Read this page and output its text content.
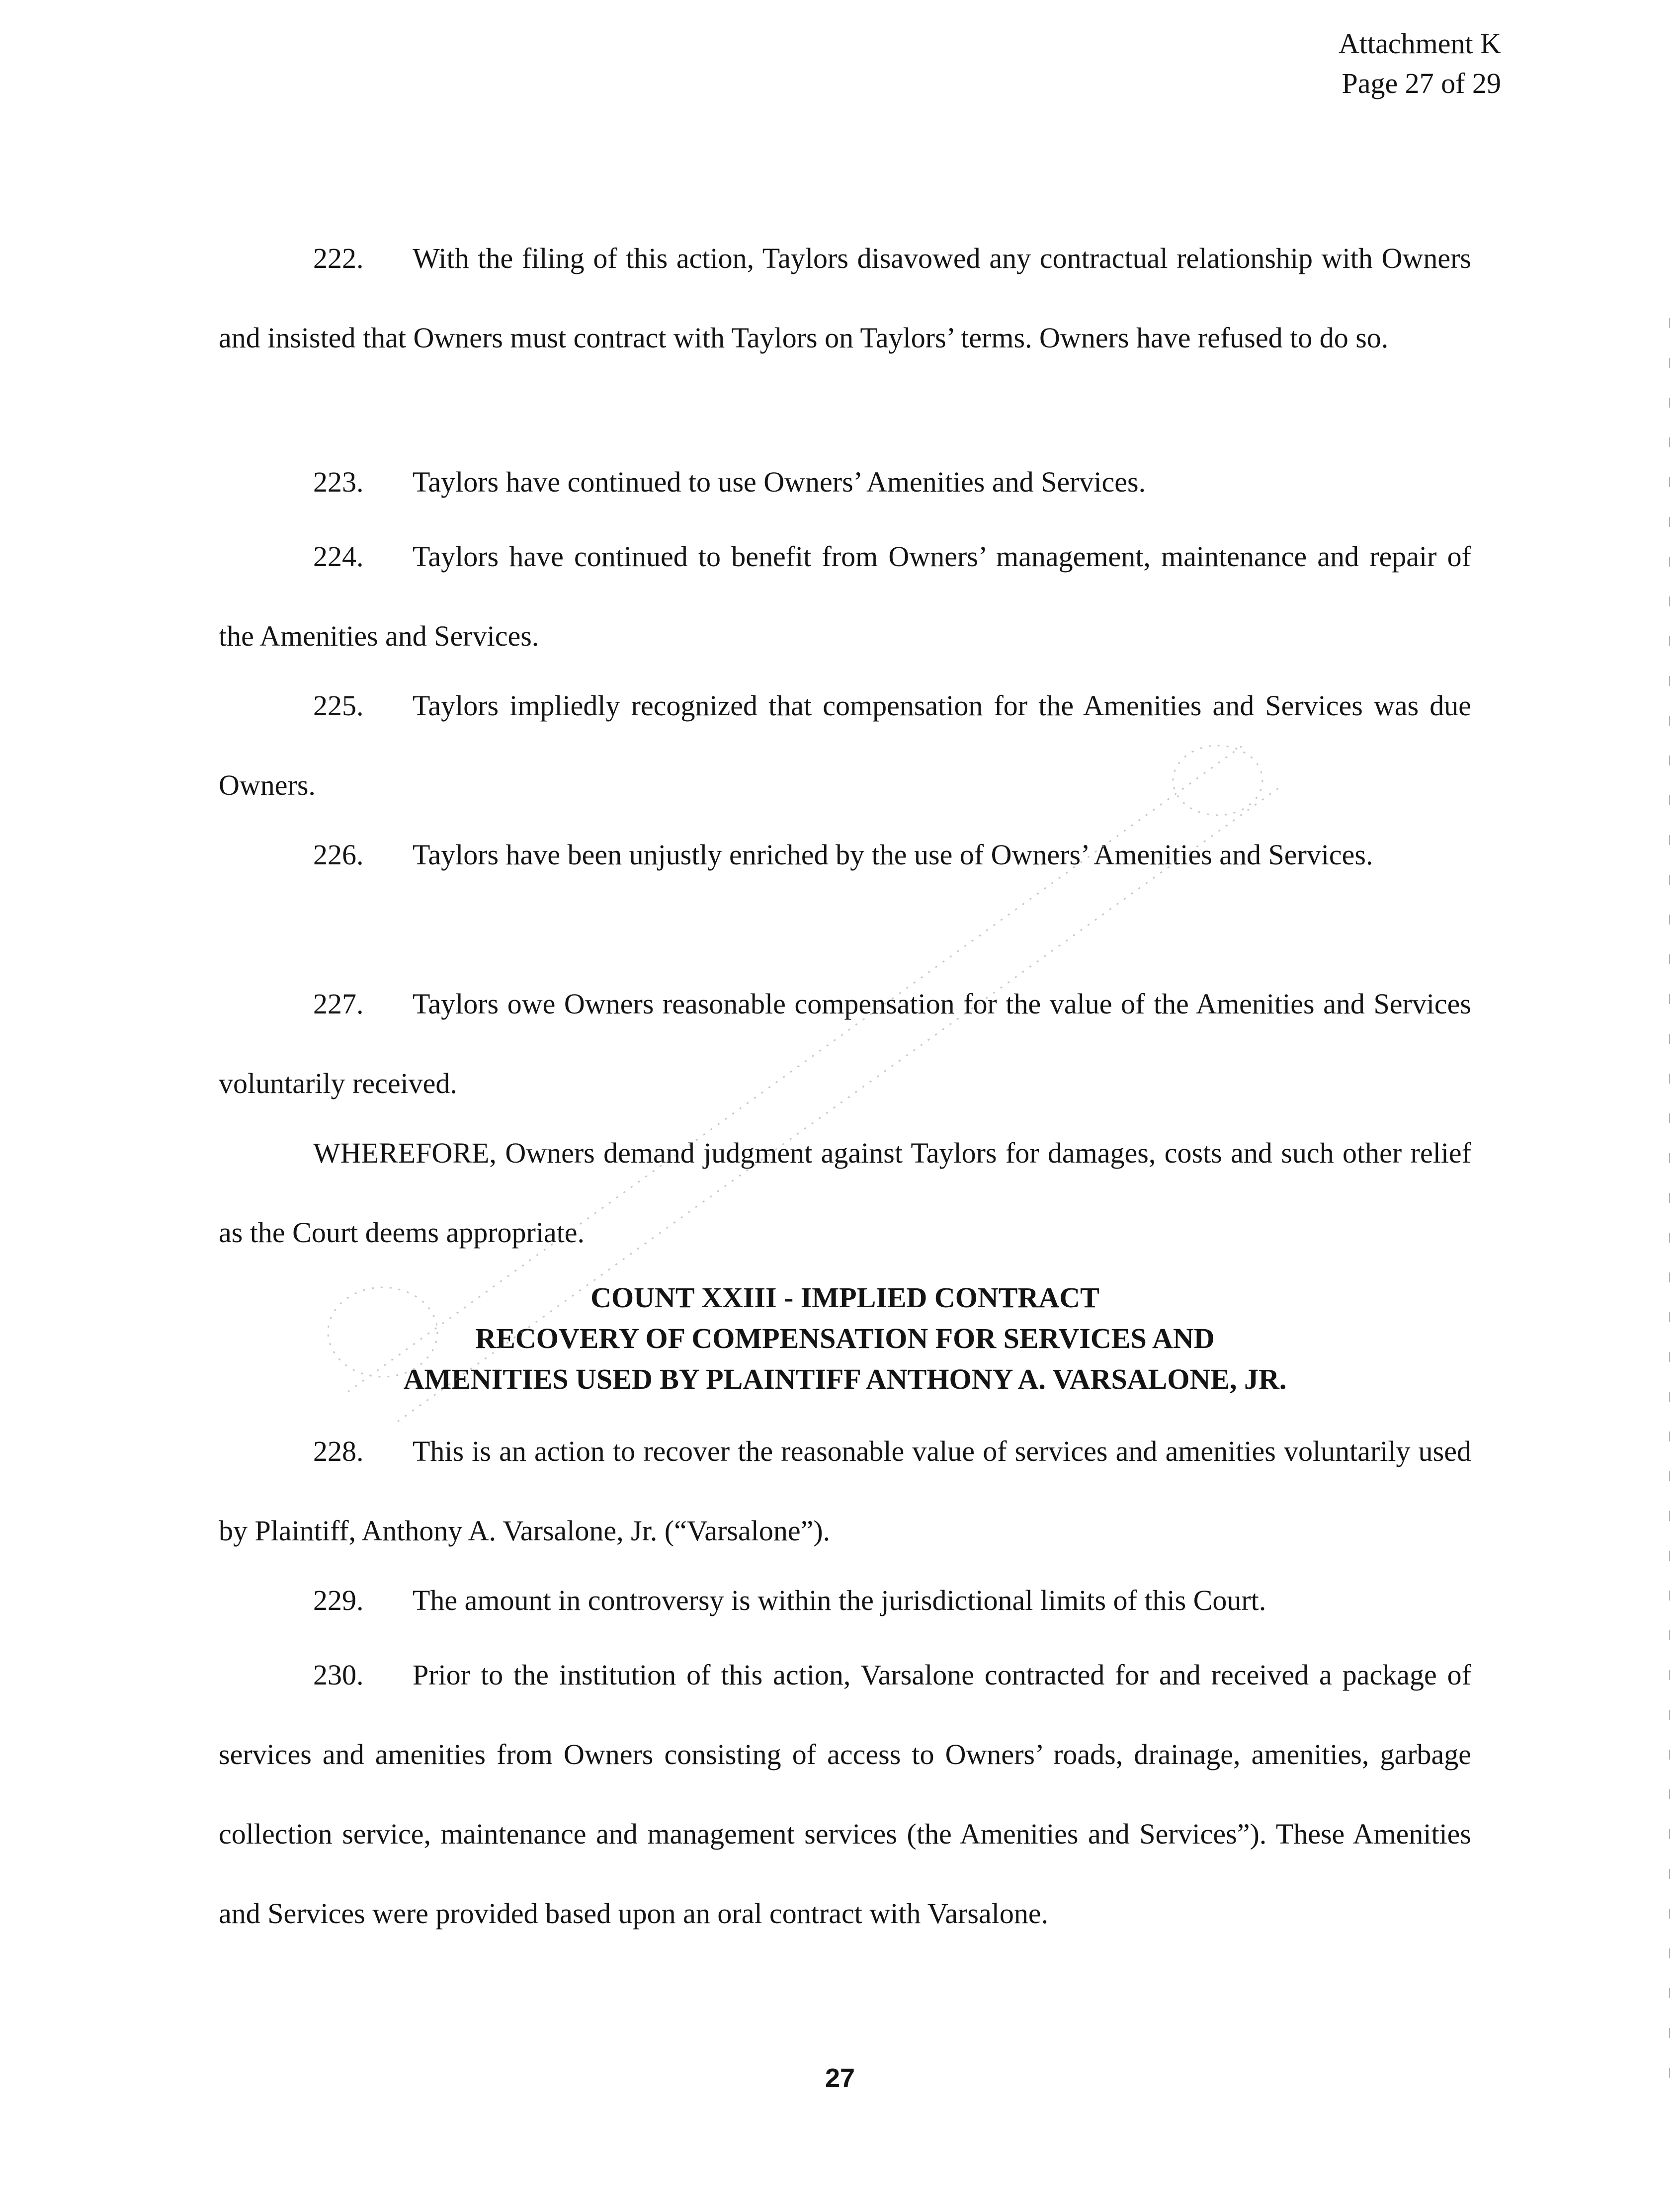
Attachment K
Page 27 of 29

222. With the filing of this action, Taylors disavowed any contractual relationship with Owners and insisted that Owners must contract with Taylors on Taylors’ terms. Owners have refused to do so.

223. Taylors have continued to use Owners’ Amenities and Services.

224. Taylors have continued to benefit from Owners’ management, maintenance and repair of the Amenities and Services.

225. Taylors impliedly recognized that compensation for the Amenities and Services was due Owners.

226. Taylors have been unjustly enriched by the use of Owners’ Amenities and Services.

227. Taylors owe Owners reasonable compensation for the value of the Amenities and Services voluntarily received.

WHEREFORE, Owners demand judgment against Taylors for damages, costs and such other relief as the Court deems appropriate.

COUNT XXIII - IMPLIED CONTRACT
RECOVERY OF COMPENSATION FOR SERVICES AND
AMENITIES USED BY PLAINTIFF ANTHONY A. VARSALONE, JR.

228. This is an action to recover the reasonable value of services and amenities voluntarily used by Plaintiff, Anthony A. Varsalone, Jr. (“Varsalone”).

229. The amount in controversy is within the jurisdictional limits of this Court.

230. Prior to the institution of this action, Varsalone contracted for and received a package of services and amenities from Owners consisting of access to Owners’ roads, drainage, amenities, garbage collection service, maintenance and management services (the Amenities and Services”). These Amenities and Services were provided based upon an oral contract with Varsalone.

27
